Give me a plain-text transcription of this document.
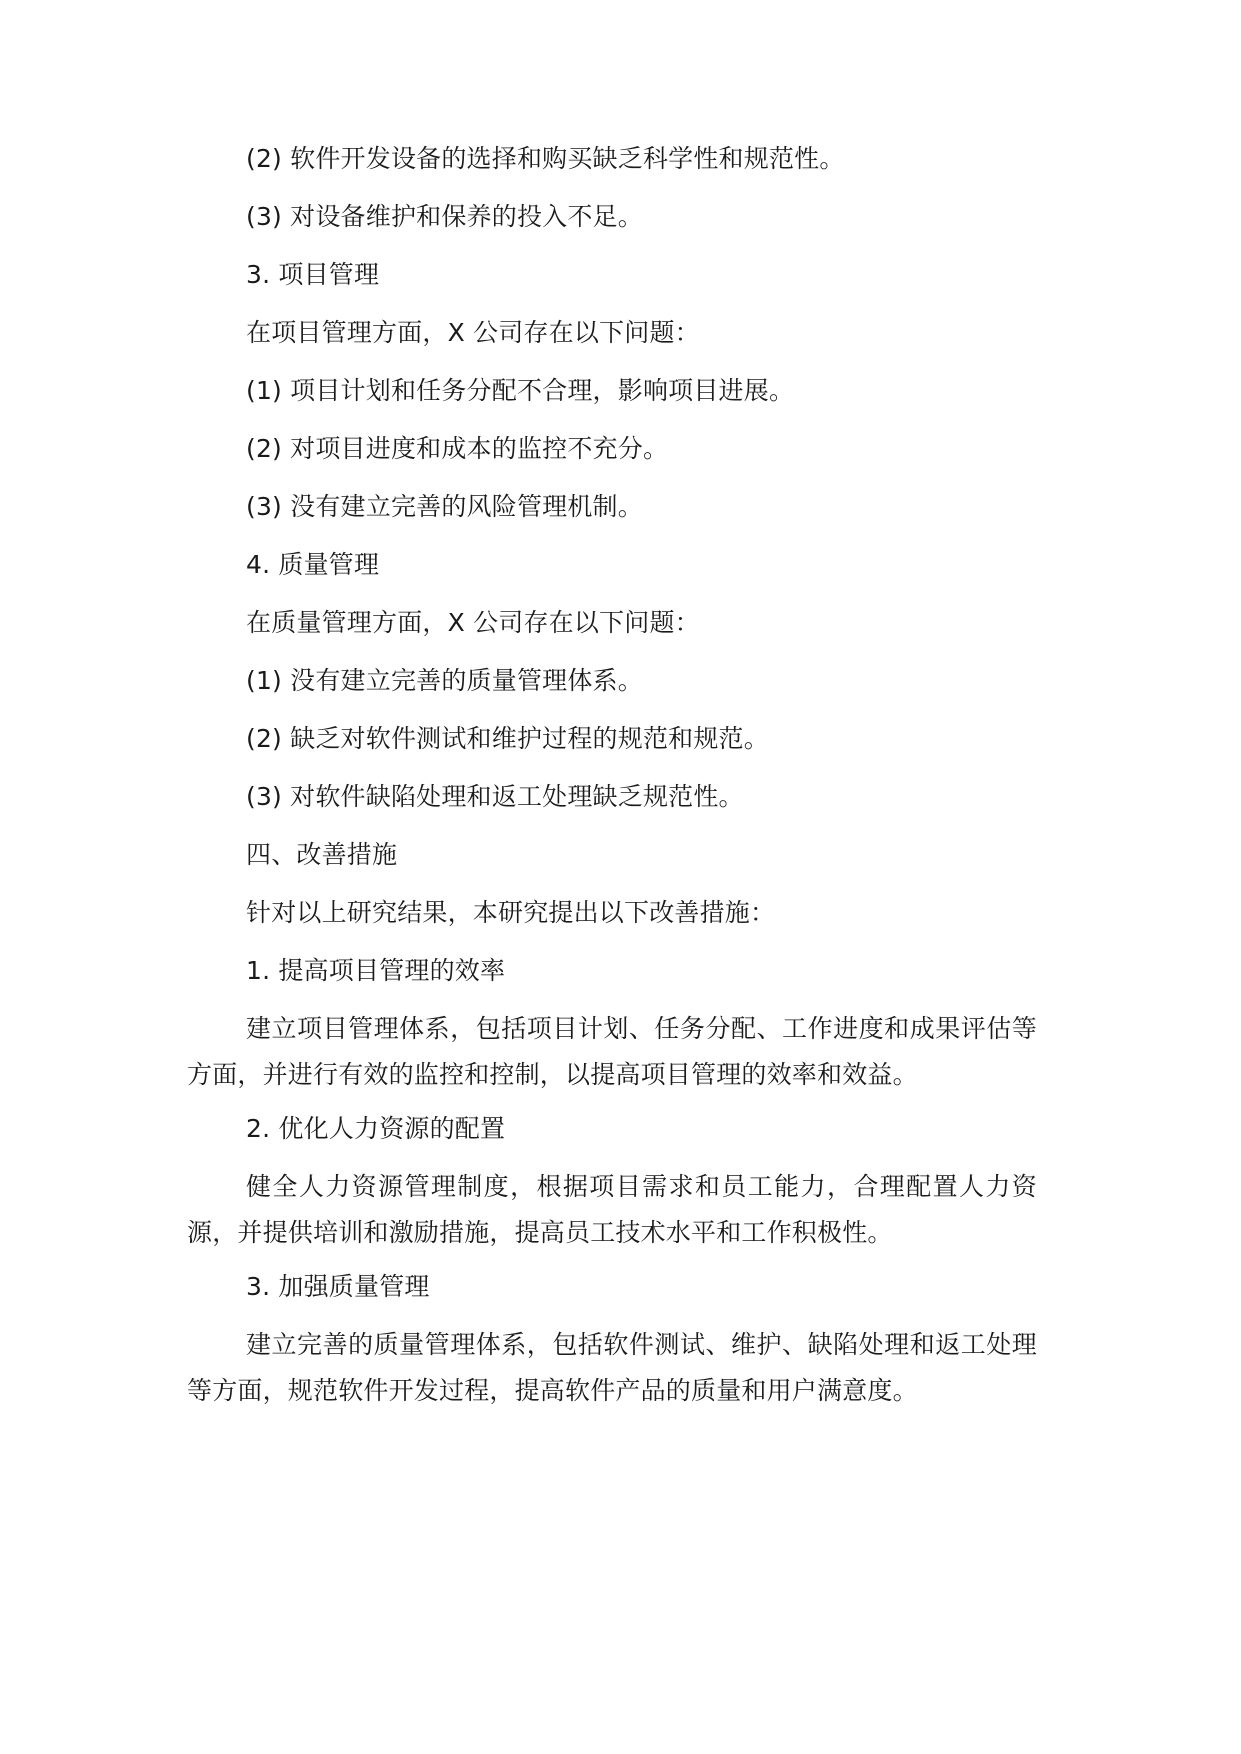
(2) 软件开发设备的选择和购买缺乏科学性和规范性。
(3) 对设备维护和保养的投入不足。
3. 项目管理
在项目管理方面，X 公司存在以下问题：
(1) 项目计划和任务分配不合理，影响项目进展。
(2) 对项目进度和成本的监控不充分。
(3) 没有建立完善的风险管理机制。
4. 质量管理
在质量管理方面，X 公司存在以下问题：
(1) 没有建立完善的质量管理体系。
(2) 缺乏对软件测试和维护过程的规范和规范。
(3) 对软件缺陷处理和返工处理缺乏规范性。
四、改善措施
针对以上研究结果，本研究提出以下改善措施：
1. 提高项目管理的效率
建立项目管理体系，包括项目计划、任务分配、工作进度和成果评估等方面，并进行有效的监控和控制，以提高项目管理的效率和效益。
2. 优化人力资源的配置
健全人力资源管理制度，根据项目需求和员工能力，合理配置人力资源，并提供培训和激励措施，提高员工技术水平和工作积极性。
3. 加强质量管理
建立完善的质量管理体系，包括软件测试、维护、缺陷处理和返工处理等方面，规范软件开发过程，提高软件产品的质量和用户满意度。
